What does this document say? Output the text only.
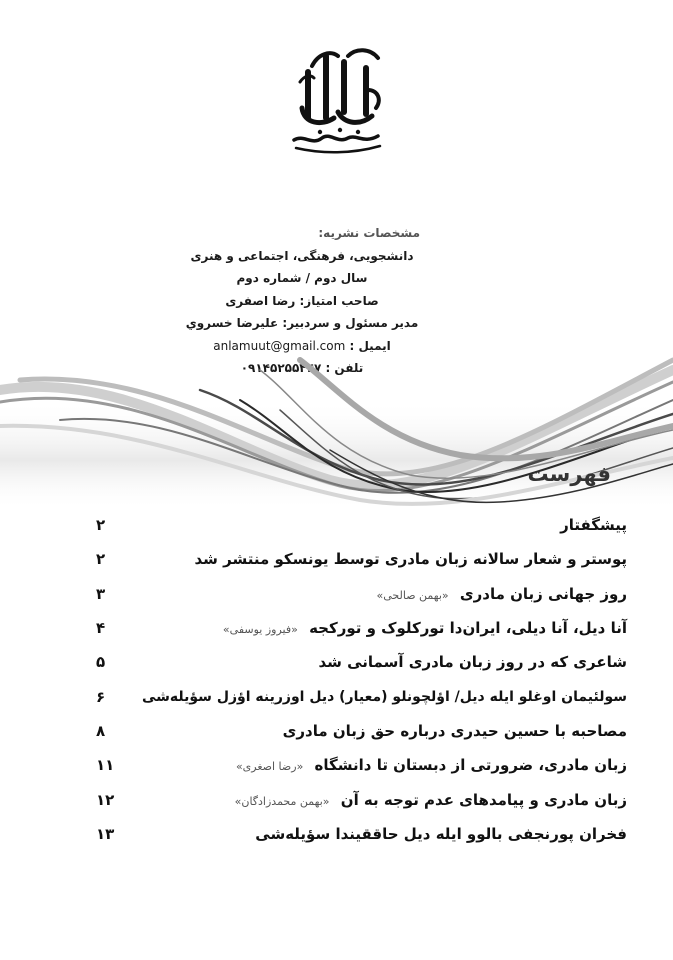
مشخصات نشریه:
دانشجویی، فرهنگی، اجتماعی و هنری
سال دوم / شماره دوم
صاحب امتیاز: رضا اصفری
مدیر مسئول و سردبیر: علیرضا خسروي
anlamuut@gmail.com ایمیل :
تلفن : ۰۹۱۴۵۲۵۵۴۴۷
فهرست
پیشگفتار
۲
پوستر و شعار سالانه زبان مادری توسط یونسکو منتشر شد
۲
روز جهانی زبان مادری «بهمن صالحی»
۳
آنا دیل، آنا دیلی، ایران‌دا تورکلوک و تورکجه «فیروز یوسفی»
۴
شاعری که در روز زبان مادری آسمانی شد
۵
سولئیمان اوغلو ایله دیل/ اؤلچونلو (معیار) دیل اوزرینه اؤزل سؤیله‌شی
۶
مصاحبه با حسین حیدری درباره حق زبان مادری
۸
زبان مادری، ضرورتی از دبستان تا دانشگاه «رضا اصغری»
۱۱
زبان مادری و پیامدهای عدم توجه به آن «بهمن محمدزادگان»
۱۲
فخران پورنجفی بالوو ایله دیل حاققیندا سؤیله‌شی
۱۳
